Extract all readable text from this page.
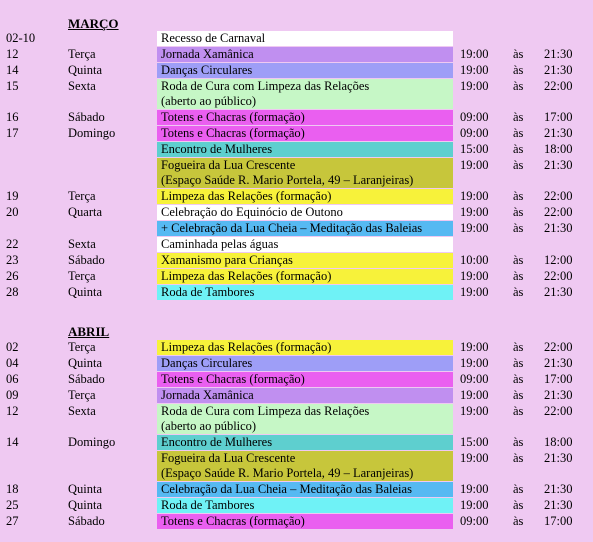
MARÇO
02-10	Recesso de Carnaval
12	Terça	Jornada Xamânica	19:00 às 21:30
14	Quinta	Danças Circulares	19:00 às 21:30
15	Sexta	Roda de Cura com Limpeza das Relações
(aberto ao público)
19:00 às 22:00
16	Sábado	Totens e Chacras (formação)	09:00 às 17:00
17	Domingo	Totens e Chacras (formação)	09:00 às 21:30
Encontro de Mulheres	15:00 às 18:00
Fogueira da Lua Crescente
(Espaço Saúde R. Mario Portela, 49 – Laranjeiras)
19:00 às 21:30
19	Terça	Limpeza das Relações (formação)	19:00 às 22:00
20	Quarta	Celebração do Equinócio de Outono	19:00 às 22:00
+ Celebração da Lua Cheia – Meditação das Baleias	19:00 às 21:30
22	Sexta	Caminhada pelas águas
23	Sábado	Xamanismo para Crianças	10:00 às 12:00
26	Terça	Limpeza das Relações (formação)	19:00 às 22:00
28	Quinta	Roda de Tambores	19:00 às 21:30
ABRIL
02	Terça	Limpeza das Relações (formação)	19:00 às 22:00
04	Quinta	Danças Circulares	19:00 às 21:30
06	Sábado	Totens e Chacras (formação)	09:00 às 17:00
09	Terça	Jornada Xamânica	19:00 às 21:30
12	Sexta	Roda de Cura com Limpeza das Relações
(aberto ao público)
19:00 às 22:00
14	Domingo	Encontro de Mulheres	15:00 às 18:00
Fogueira da Lua Crescente
(Espaço Saúde R. Mario Portela, 49 – Laranjeiras)
19:00 às 21:30
18	Quinta	Celebração da Lua Cheia – Meditação das Baleias	19:00 às 21:30
25	Quinta	Roda de Tambores	19:00 às 21:30
27	Sábado	Totens e Chacras (formação)	09:00 às 17:00
